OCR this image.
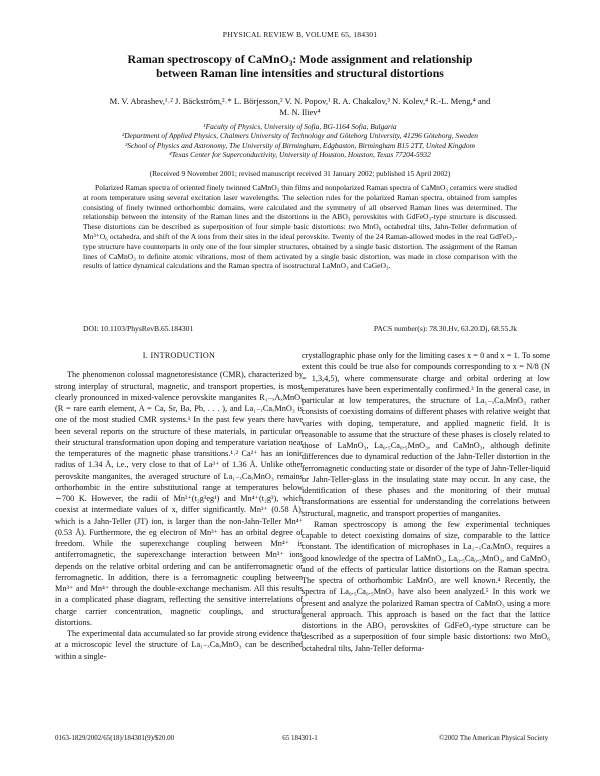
PHYSICAL REVIEW B, VOLUME 65, 184301
Raman spectroscopy of CaMnO₃: Mode assignment and relationship
between Raman line intensities and structural distortions
M. V. Abrashev,¹˒² J. Bäckström,²˒* L. Börjesson,² V. N. Popov,¹ R. A. Chakalov,³ N. Kolev,⁴ R.-L. Meng,⁴ and
M. N. Iliev⁴
¹Faculty of Physics, University of Sofia, BG-1164 Sofia, Bulgaria
²Department of Applied Physics, Chalmers University of Technology and Göteborg University, 41296 Göteborg, Sweden
³School of Physics and Astronomy, The University of Birmingham, Edgbaston, Birmingham B15 2TT, United Kingdom
⁴Texas Center for Superconductivity, University of Houston, Houston, Texas 77204-5932
(Received 9 November 2001; revised manuscript received 31 January 2002; published 15 April 2002)
Polarized Raman spectra of oriented finely twinned CaMnO₃ thin films and nonpolarized Raman spectra of CaMnO₃ ceramics were studied at room temperature using several excitation laser wavelengths. The selection rules for the polarized Raman spectra, obtained from samples consisting of finely twinned orthorhombic domains, were calculated and the symmetry of all observed Raman lines was determined. The relationship between the intensity of the Raman lines and the distortions in the ABO₃ perovskites with GdFeO₃-type structure is discussed. These distortions can be described as superposition of four simple basic distortions: two MnO₆ octahedral tilts, Jahn-Teller deformation of Mn³⁺O₆ octahedra, and shift of the A ions from their sites in the ideal perovskite. Twenty of the 24 Raman-allowed modes in the real GdFeO₃-type structure have counterparts in only one of the four simpler structures, obtained by a single basic distortion. The assignment of the Raman lines of CaMnO₃ to definite atomic vibrations, most of them activated by a single basic distortion, was made in close comparison with the results of lattice dynamical calculations and the Raman spectra of isostructural LaMnO₃ and CaGeO₃.
DOI: 10.1103/PhysRevB.65.184301	PACS number(s): 78.30.Hv, 63.20.Dj, 68.55.Jk

I. INTRODUCTION

The phenomenon colossal magnetoresistance (CMR), characterized by strong interplay of structural, magnetic, and transport properties, is most clearly pronounced in mixed-valence perovskite manganites R₁₋ₓAₓMnO₃ (R = rare earth element, A = Ca, Sr, Ba, Pb, . . . ), and La₁₋ₓCaₓMnO₃ is one of the most studied CMR systems.¹ In the past few years there have been several reports on the structure of these materials, in particular on their structural transformation upon doping and temperature variation near the temperatures of the magnetic phase transitions.¹˒² Ca²⁺ has an ionic radius of 1.34 Å, i.e., very close to that of La³⁺ of 1.36 Å. Unlike other perovskite manganites, the averaged structure of La₁₋ₓCaₓMnO₃ remains orthorhombic in the entire substitutional range at temperatures below ∼700 K. However, the radii of Mn³⁺(t₂g³eg¹) and Mn⁴⁺(t₂g³), which coexist at intermediate values of x, differ significantly. Mn³⁺ (0.58 Å), which is a Jahn-Teller (JT) ion, is larger than the non-Jahn-Teller Mn⁴⁺ (0.53 Å). Furthermore, the eg electron of Mn³⁺ has an orbital degree of freedom. While the superexchange coupling between Mn⁴⁺ is antiferromagnetic, the superexchange interaction between Mn³⁺ ions depends on the relative orbital ordering and can be antiferromagnetic or ferromagnetic. In addition, there is a ferromagnetic coupling between Mn³⁺ and Mn⁴⁺ through the double-exchange mechanism. All this results in a complicated phase diagram, reflecting the sensitive interrelations of charge carrier concentration, magnetic couplings, and structural distortions.

The experimental data accumulated so far provide strong evidence that at a microscopic level the structure of La₁₋ₓCaₓMnO₃ can be described within a single-

crystallographic phase only for the limiting cases x = 0 and x = 1. To some extent this could be true also for compounds corresponding to x = N/8 (N = 1,3,4,5), where commensurate charge and orbital ordering at low temperatures have been experimentally confirmed.³ In the general case, in particular at low temperatures, the structure of La₁₋ₓCaₓMnO₃ rather consists of coexisting domains of different phases with relative weight that varies with doping, temperature, and applied magnetic field. It is reasonable to assume that the structure of these phases is closely related to those of LaMnO₃, La₀.₅Ca₀.₅MnO₃, and CaMnO₃, although definite differences due to dynamical reduction of the Jahn-Teller distortion in the ferromagnetic conducting state or disorder of the type of Jahn-Teller-liquid or Jahn-Teller-glass in the insulating state may occur. In any case, the identification of these phases and the monitoring of their mutual transformations are essential for understanding the correlations between structural, magnetic, and transport properties of manganites.

Raman spectroscopy is among the few experimental techniques capable to detect coexisting domains of size, comparable to the lattice constant. The identification of microphases in La₁₋ₓCaₓMnO₃ requires a good knowledge of the spectra of LaMnO₃, La₀.₅Ca₀.₅MnO₃, and CaMnO₃ and of the effects of particular lattice distortions on the Raman spectra. The spectra of orthorhombic LaMnO₃ are well known.⁴ Recently, the spectra of La₀.₅Ca₀.₅MnO₃ have also been analyzed.⁵ In this work we present and analyze the polarized Raman spectra of CaMnO₃ using a more general approach. This approach is based on the fact that the lattice distortions in the ABO₃ perovskites of GdFeO₃-type structure can be described as a superposition of four simple basic distortions: two MnO₆ octahedral tilts, Jahn-Teller deforma-

0163-1829/2002/65(18)/184301(9)/$20.00	65 184301-1	©2002 The American Physical Society
